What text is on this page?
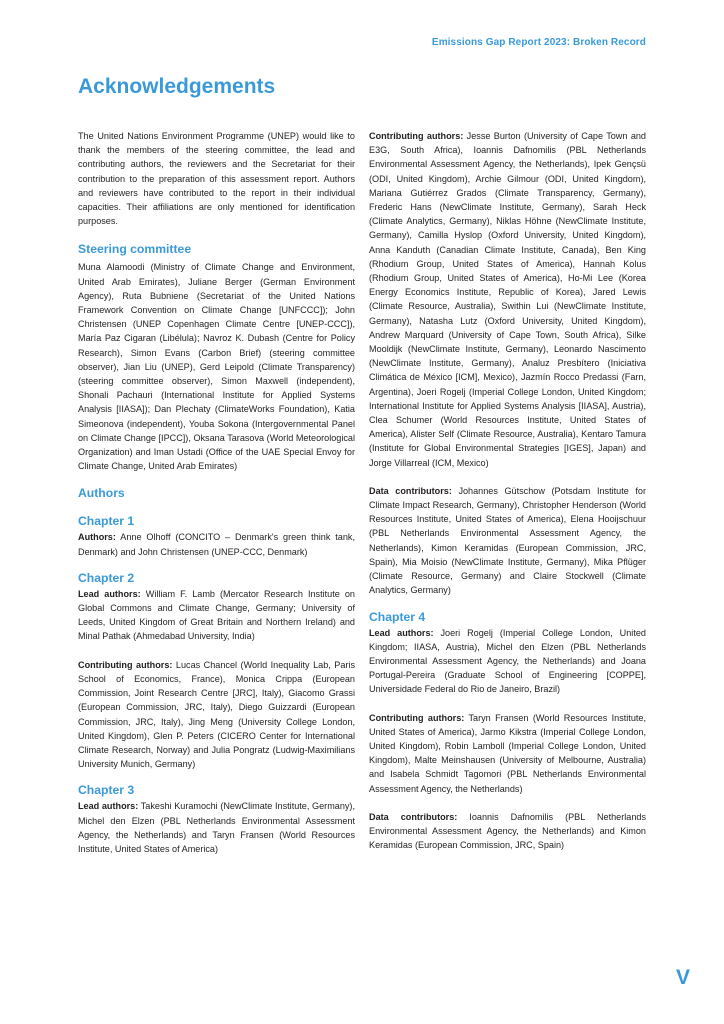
Emissions Gap Report 2023: Broken Record
Acknowledgements

The United Nations Environment Programme (UNEP) would like to thank the members of the steering committee, the lead and contributing authors, the reviewers and the Secretariat for their contribution to the preparation of this assessment report. Authors and reviewers have contributed to the report in their individual capacities. Their affiliations are only mentioned for identification purposes.

Steering committee

Muna Alamoodi (Ministry of Climate Change and Environment, United Arab Emirates), Juliane Berger (German Environment Agency), Ruta Bubniene (Secretariat of the United Nations Framework Convention on Climate Change [UNFCCC]); John Christensen (UNEP Copenhagen Climate Centre [UNEP-CCC]), María Paz Cigaran (Libélula); Navroz K. Dubash (Centre for Policy Research), Simon Evans (Carbon Brief) (steering committee observer), Jian Liu (UNEP), Gerd Leipold (Climate Transparency) (steering committee observer), Simon Maxwell (independent), Shonali Pachauri (International Institute for Applied Systems Analysis [IIASA]); Dan Plechaty (ClimateWorks Foundation), Katia Simeonova (independent), Youba Sokona (Intergovernmental Panel on Climate Change [IPCC]), Oksana Tarasova (World Meteorological Organization) and Iman Ustadi (Office of the UAE Special Envoy for Climate Change, United Arab Emirates)

Authors
Chapter 1

Authors: Anne Olhoff (CONCITO – Denmark's green think tank, Denmark) and John Christensen (UNEP-CCC, Denmark)

Chapter 2

Lead authors: William F. Lamb (Mercator Research Institute on Global Commons and Climate Change, Germany; University of Leeds, United Kingdom of Great Britain and Northern Ireland) and Minal Pathak (Ahmedabad University, India)

Contributing authors: Lucas Chancel (World Inequality Lab, Paris School of Economics, France), Monica Crippa (European Commission, Joint Research Centre [JRC], Italy), Giacomo Grassi (European Commission, JRC, Italy), Diego Guizzardi (European Commission, JRC, Italy), Jing Meng (University College London, United Kingdom), Glen P. Peters (CICERO Center for International Climate Research, Norway) and Julia Pongratz (Ludwig-Maximilians University Munich, Germany)

Chapter 3

Lead authors: Takeshi Kuramochi (NewClimate Institute, Germany), Michel den Elzen (PBL Netherlands Environmental Assessment Agency, the Netherlands) and Taryn Fransen (World Resources Institute, United States of America)

Contributing authors: Jesse Burton (University of Cape Town and E3G, South Africa), Ioannis Dafnomilis (PBL Netherlands Environmental Assessment Agency, the Netherlands), Ipek Gençsü (ODI, United Kingdom), Archie Gilmour (ODI, United Kingdom), Mariana Gutiérrez Grados (Climate Transparency, Germany), Frederic Hans (NewClimate Institute, Germany), Sarah Heck (Climate Analytics, Germany), Niklas Höhne (NewClimate Institute, Germany), Camilla Hyslop (Oxford University, United Kingdom), Anna Kanduth (Canadian Climate Institute, Canada), Ben King (Rhodium Group, United States of America), Hannah Kolus (Rhodium Group, United States of America), Ho-Mi Lee (Korea Energy Economics Institute, Republic of Korea), Jared Lewis (Climate Resource, Australia), Swithin Lui (NewClimate Institute, Germany), Natasha Lutz (Oxford University, United Kingdom), Andrew Marquard (University of Cape Town, South Africa), Silke Mooldijk (NewClimate Institute, Germany), Leonardo Nascimento (NewClimate Institute, Germany), Analuz Presbítero (Iniciativa Climática de México [ICM], Mexico), Jazmín Rocco Predassi (Farn, Argentina), Joeri Rogelj (Imperial College London, United Kingdom; International Institute for Applied Systems Analysis [IIASA], Austria), Clea Schumer (World Resources Institute, United States of America), Alister Self (Climate Resource, Australia), Kentaro Tamura (Institute for Global Environmental Strategies [IGES], Japan) and Jorge Villarreal (ICM, Mexico)

Data contributors: Johannes Gütschow (Potsdam Institute for Climate Impact Research, Germany), Christopher Henderson (World Resources Institute, United States of America), Elena Hooijschuur (PBL Netherlands Environmental Assessment Agency, the Netherlands), Kimon Keramidas (European Commission, JRC, Spain), Mia Moisio (NewClimate Institute, Germany), Mika Pflüger (Climate Resource, Germany) and Claire Stockwell (Climate Analytics, Germany)

Chapter 4

Lead authors: Joeri Rogelj (Imperial College London, United Kingdom; IIASA, Austria), Michel den Elzen (PBL Netherlands Environmental Assessment Agency, the Netherlands) and Joana Portugal-Pereira (Graduate School of Engineering [COPPE], Universidade Federal do Rio de Janeiro, Brazil)

Contributing authors: Taryn Fransen (World Resources Institute, United States of America), Jarmo Kikstra (Imperial College London, United Kingdom), Robin Lamboll (Imperial College London, United Kingdom), Malte Meinshausen (University of Melbourne, Australia) and Isabela Schmidt Tagomori (PBL Netherlands Environmental Assessment Agency, the Netherlands)

Data contributors: Ioannis Dafnomilis (PBL Netherlands Environmental Assessment Agency, the Netherlands) and Kimon Keramidas (European Commission, JRC, Spain)

V
